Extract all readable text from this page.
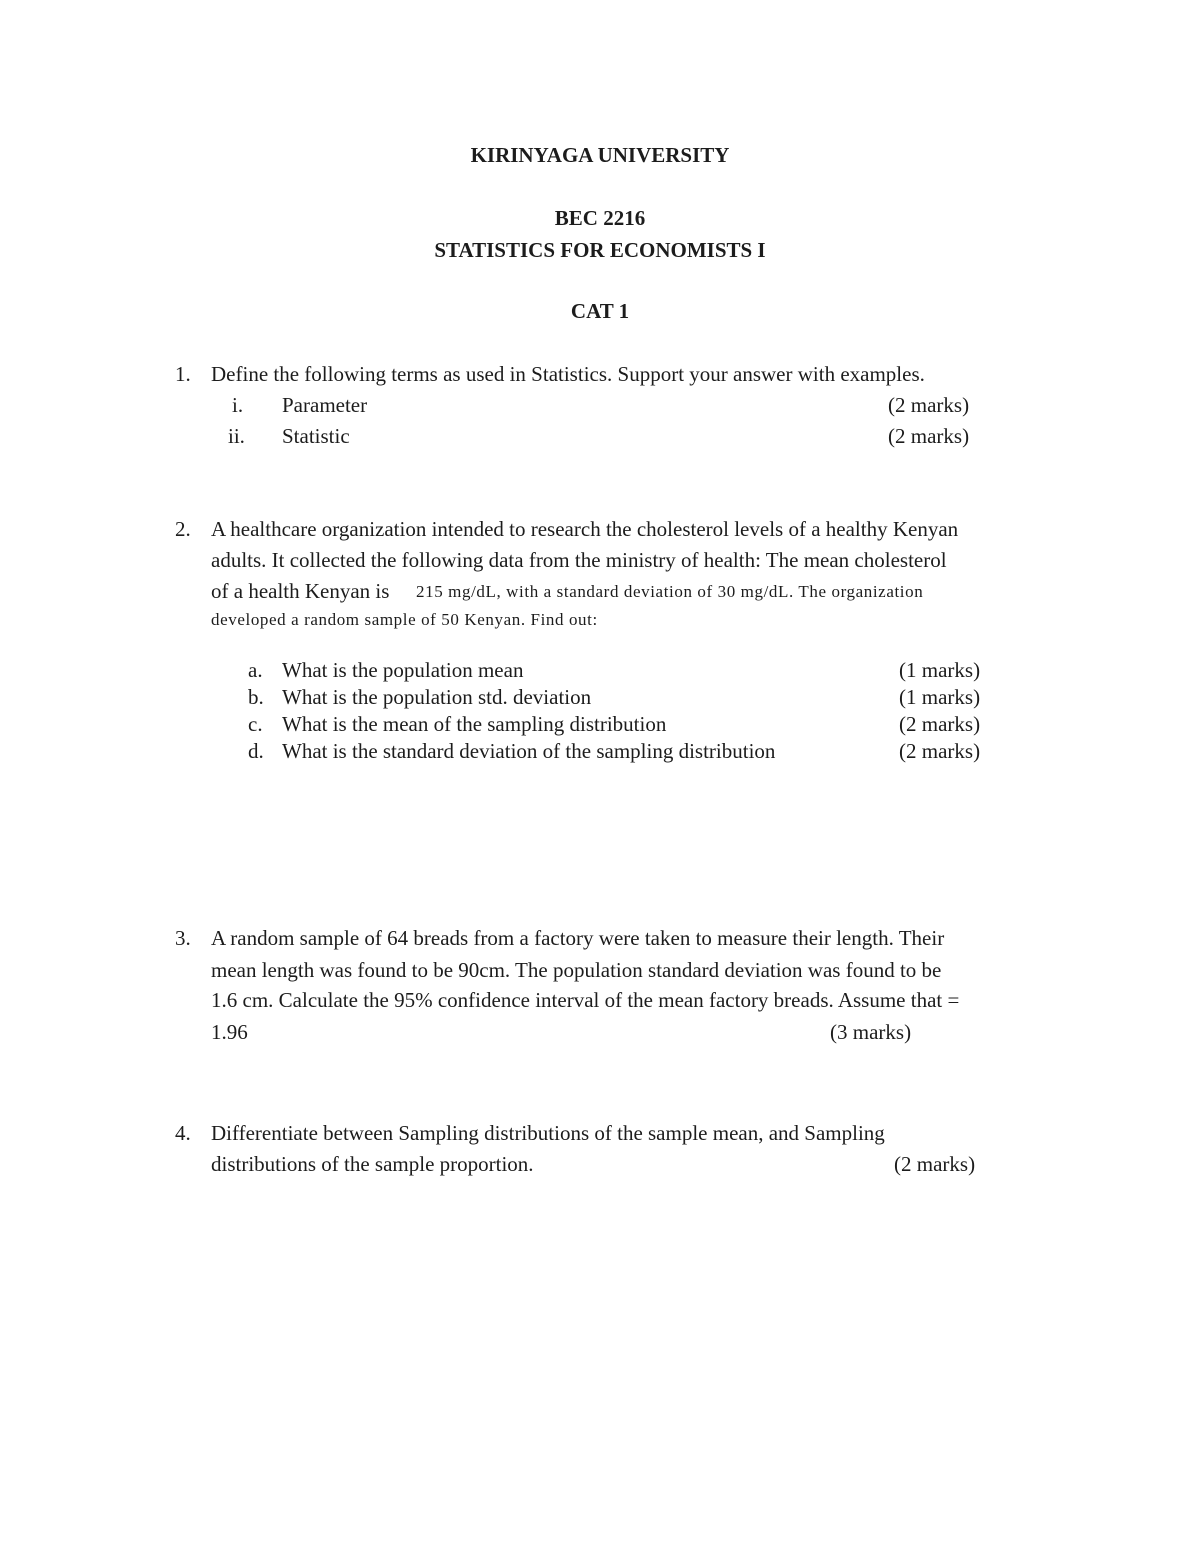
KIRINYAGA UNIVERSITY
BEC 2216
STATISTICS FOR ECONOMISTS I
CAT 1
1. Define the following terms as used in Statistics. Support your answer with examples.
i. Parameter	(2 marks)
ii. Statistic	(2 marks)
2. A healthcare organization intended to research the cholesterol levels of a healthy Kenyan
adults. It collected the following data from the ministry of health: The mean cholesterol
of a health Kenyan is 215 mg/dL, with a standard deviation of 30 mg/dL. The organization
developed a random sample of 50 Kenyan. Find out:
a. What is the population mean	(1 marks)
b. What is the population std. deviation	(1 marks)
c. What is the mean of the sampling distribution	(2 marks)
d. What is the standard deviation of the sampling distribution	(2 marks)
3. A random sample of 64 breads from a factory were taken to measure their length. Their
mean length was found to be 90cm. The population standard deviation was found to be
1.6 cm. Calculate the 95% confidence interval of the mean factory breads. Assume that =
1.96	(3 marks)
4. Differentiate between Sampling distributions of the sample mean, and Sampling
distributions of the sample proportion.	(2 marks)
